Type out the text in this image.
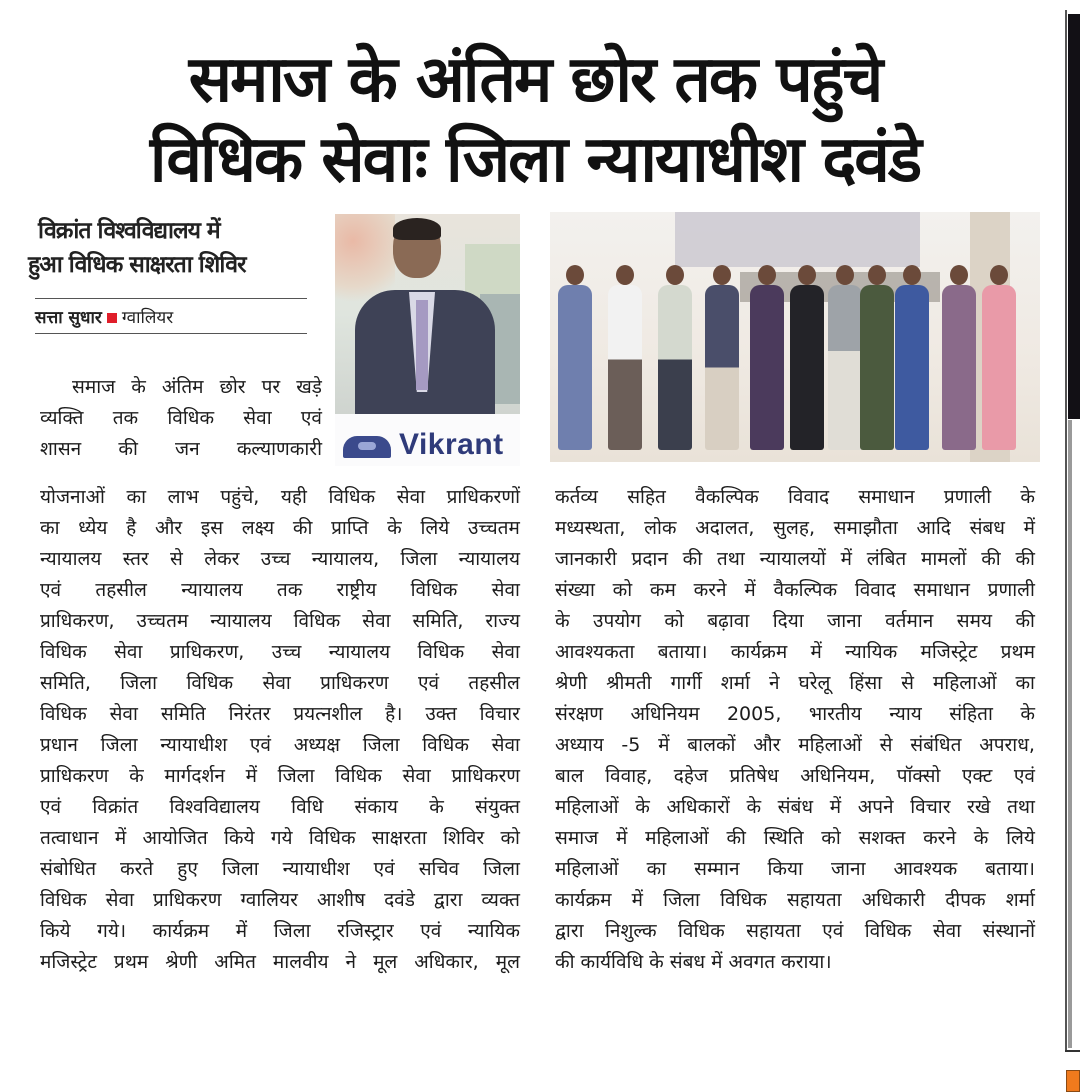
समाज के अंतिम छोर तक पहुंचे
विधिक सेवाः जिला न्यायाधीश दवंडे
विक्रांत विश्वविद्यालय में
हुआ विधिक साक्षरता शिविर
सत्ता सुधार ग्वालियर
Vikrant
समाज के अंतिम छोर पर खड़े
व्यक्ति तक विधिक सेवा एवं
शासन की जन कल्याणकारी
योजनाओं का लाभ पहुंचे, यही विधिक सेवा प्राधिकरणों
का ध्येय है और इस लक्ष्य की प्राप्ति के लिये उच्चतम
न्यायालय स्तर से लेकर उच्च न्यायालय, जिला न्यायालय
एवं तहसील न्यायालय तक राष्ट्रीय विधिक सेवा
प्राधिकरण, उच्चतम न्यायालय विधिक सेवा समिति, राज्य
विधिक सेवा प्राधिकरण, उच्च न्यायालय विधिक सेवा
समिति, जिला विधिक सेवा प्राधिकरण एवं तहसील
विधिक सेवा समिति निरंतर प्रयत्नशील है। उक्त विचार
प्रधान जिला न्यायाधीश एवं अध्यक्ष जिला विधिक सेवा
प्राधिकरण के मार्गदर्शन में जिला विधिक सेवा प्राधिकरण
एवं विक्रांत विश्वविद्यालय विधि संकाय के संयुक्त
तत्वाधान में आयोजित किये गये विधिक साक्षरता शिविर को
संबोधित करते हुए जिला न्यायाधीश एवं सचिव जिला
विधिक सेवा प्राधिकरण ग्वालियर आशीष दवंडे द्वारा व्यक्त
किये गये। कार्यक्रम में जिला रजिस्ट्रार एवं न्यायिक
मजिस्ट्रेट प्रथम श्रेणी अमित मालवीय ने मूल अधिकार, मूल
कर्तव्य सहित वैकल्पिक विवाद समाधान प्रणाली के
मध्यस्थता, लोक अदालत, सुलह, समाझौता आदि संबध में
जानकारी प्रदान की तथा न्यायालयों में लंबित मामलों की की
संख्या को कम करने में वैकल्पिक विवाद समाधान प्रणाली
के उपयोग को बढ़ावा दिया जाना वर्तमान समय की
आवश्यकता बताया। कार्यक्रम में न्यायिक मजिस्ट्रेट प्रथम
श्रेणी श्रीमती गार्गी शर्मा ने घरेलू हिंसा से महिलाओं का
संरक्षण अधिनियम 2005, भारतीय न्याय संहिता के
अध्याय -5 में बालकों और महिलाओं से संबंधित अपराध,
बाल विवाह, दहेज प्रतिषेध अधिनियम, पॉक्सो एक्ट एवं
महिलाओं के अधिकारों के संबंध में अपने विचार रखे तथा
समाज में महिलाओं की स्थिति को सशक्त करने के लिये
महिलाओं का सम्मान किया जाना आवश्यक बताया।
कार्यक्रम में जिला विधिक सहायता अधिकारी दीपक शर्मा
द्वारा निशुल्क विधिक सहायता एवं विधिक सेवा संस्थानों
की कार्यविधि के संबध में अवगत कराया।
